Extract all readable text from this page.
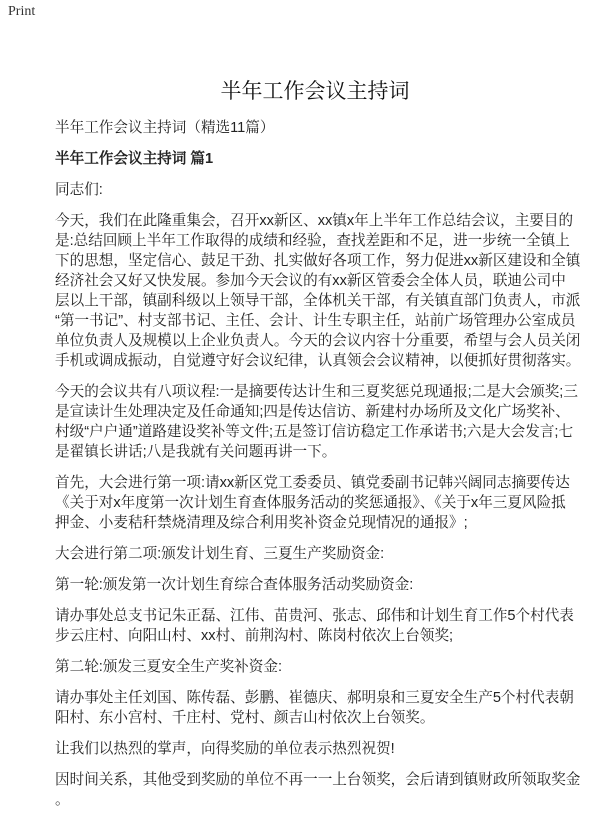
Print
半年工作会议主持词
半年工作会议主持词（精选11篇）
半年工作会议主持词 篇1
同志们:
今天，我们在此隆重集会，召开xx新区、xx镇x年上半年工作总结会议，主要目的
是:总结回顾上半年工作取得的成绩和经验，查找差距和不足，进一步统一全镇上
下的思想，坚定信心、鼓足干劲、扎实做好各项工作，努力促进xx新区建设和全镇
经济社会又好又快发展。参加今天会议的有xx新区管委会全体人员，联迪公司中
层以上干部，镇副科级以上领导干部，全体机关干部，有关镇直部门负责人，市派
“第一书记”、村支部书记、主任、会计、计生专职主任，站前广场管理办公室成员
单位负责人及规模以上企业负责人。今天的会议内容十分重要，希望与会人员关闭
手机或调成振动，自觉遵守好会议纪律，认真领会会议精神，以便抓好贯彻落实。
今天的会议共有八项议程:一是摘要传达计生和三夏奖惩兑现通报;二是大会颁奖;三
是宣读计生处理决定及任命通知;四是传达信访、新建村办场所及文化广场奖补、
村级“户户通”道路建设奖补等文件;五是签订信访稳定工作承诺书;六是大会发言;七
是翟镇长讲话;八是我就有关问题再讲一下。
首先，大会进行第一项:请xx新区党工委委员、镇党委副书记韩兴阔同志摘要传达
《关于对x年度第一次计划生育查体服务活动的奖惩通报》、《关于x年三夏风险抵
押金、小麦秸秆禁烧清理及综合利用奖补资金兑现情况的通报》;
大会进行第二项:颁发计划生育、三夏生产奖励资金:
第一轮:颁发第一次计划生育综合查体服务活动奖励资金:
请办事处总支书记朱正磊、江伟、苗贵河、张志、邱伟和计划生育工作5个村代表
步云庄村、向阳山村、xx村、前荆沟村、陈岗村依次上台领奖;
第二轮:颁发三夏安全生产奖补资金:
请办事处主任刘国、陈传磊、彭鹏、崔德庆、郝明泉和三夏安全生产5个村代表朝
阳村、东小宫村、千庄村、党村、颜吉山村依次上台领奖。
让我们以热烈的掌声，向得奖励的单位表示热烈祝贺!
因时间关系，其他受到奖励的单位不再一一上台领奖，会后请到镇财政所领取奖金
。
